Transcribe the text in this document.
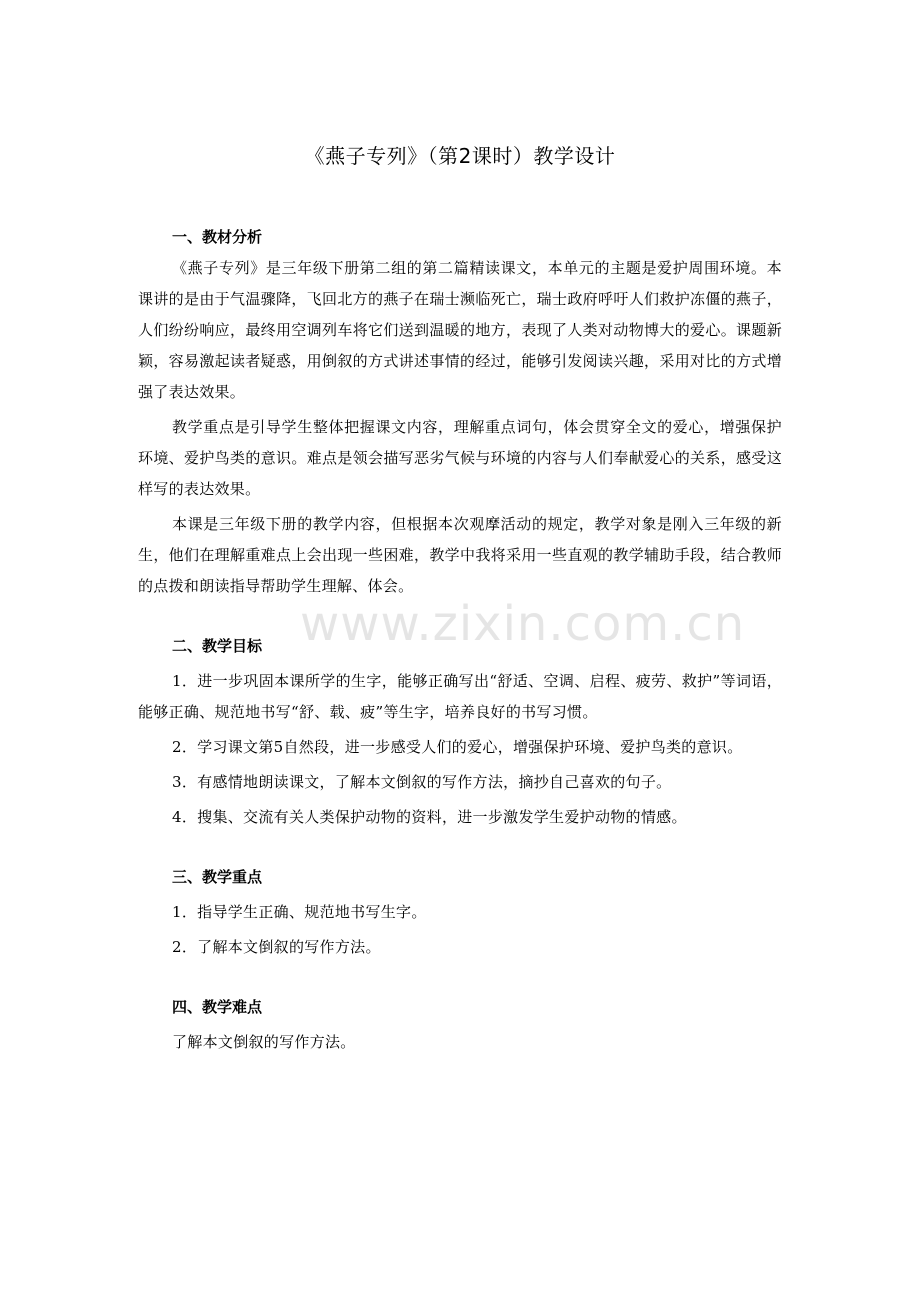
www.zixin.com.cn
《燕子专列》（第2课时）教学设计
一、教材分析

《燕子专列》是三年级下册第二组的第二篇精读课文，本单元的主题是爱护周围环境。本课讲的是由于气温骤降，飞回北方的燕子在瑞士濒临死亡，瑞士政府呼吁人们救护冻僵的燕子，人们纷纷响应，最终用空调列车将它们送到温暖的地方，表现了人类对动物博大的爱心。课题新颖，容易激起读者疑惑，用倒叙的方式讲述事情的经过，能够引发阅读兴趣，采用对比的方式增强了表达效果。

教学重点是引导学生整体把握课文内容，理解重点词句，体会贯穿全文的爱心，增强保护环境、爱护鸟类的意识。难点是领会描写恶劣气候与环境的内容与人们奉献爱心的关系，感受这样写的表达效果。

本课是三年级下册的教学内容，但根据本次观摩活动的规定，教学对象是刚入三年级的新生，他们在理解重难点上会出现一些困难，教学中我将采用一些直观的教学辅助手段，结合教师的点拨和朗读指导帮助学生理解、体会。

二、教学目标

1．进一步巩固本课所学的生字，能够正确写出“舒适、空调、启程、疲劳、救护”等词语，能够正确、规范地书写“舒、载、疲”等生字，培养良好的书写习惯。

2．学习课文第5自然段，进一步感受人们的爱心，增强保护环境、爱护鸟类的意识。

3．有感情地朗读课文，了解本文倒叙的写作方法，摘抄自己喜欢的句子。

4．搜集、交流有关人类保护动物的资料，进一步激发学生爱护动物的情感。

三、教学重点

1．指导学生正确、规范地书写生字。

2．了解本文倒叙的写作方法。

四、教学难点

了解本文倒叙的写作方法。
